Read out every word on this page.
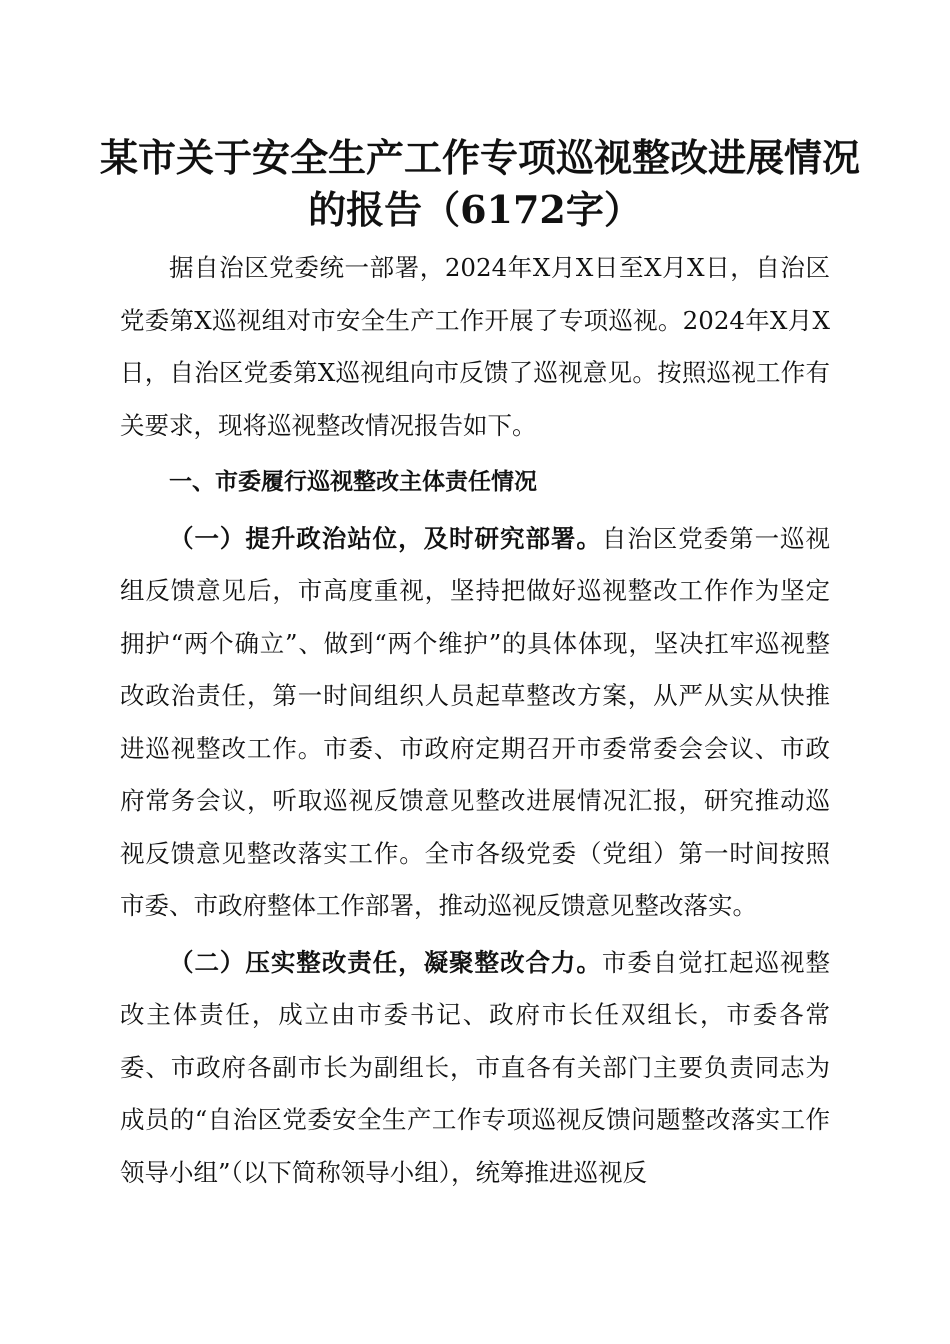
某市关于安全生产工作专项巡视整改进展情况
的报告（6172字）

据自治区党委统一部署，2024年X月X日至X月X日，自治区党委第X巡视组对市安全生产工作开展了专项巡视。2024年X月X日，自治区党委第X巡视组向市反馈了巡视意见。按照巡视工作有关要求，现将巡视整改情况报告如下。

一、市委履行巡视整改主体责任情况

（一）提升政治站位，及时研究部署。自治区党委第一巡视组反馈意见后，市高度重视，坚持把做好巡视整改工作作为坚定拥护“两个确立”、做到“两个维护”的具体体现，坚决扛牢巡视整改政治责任，第一时间组织人员起草整改方案，从严从实从快推进巡视整改工作。市委、市政府定期召开市委常委会会议、市政府常务会议，听取巡视反馈意见整改进展情况汇报，研究推动巡视反馈意见整改落实工作。全市各级党委（党组）第一时间按照市委、市政府整体工作部署，推动巡视反馈意见整改落实。

（二）压实整改责任，凝聚整改合力。市委自觉扛起巡视整改主体责任，成立由市委书记、政府市长任双组长，市委各常委、市政府各副市长为副组长，市直各有关部门主要负责同志为成员的“自治区党委安全生产工作专项巡视反馈问题整改落实工作领导小组”（以下简称领导小组），统筹推进巡视反
